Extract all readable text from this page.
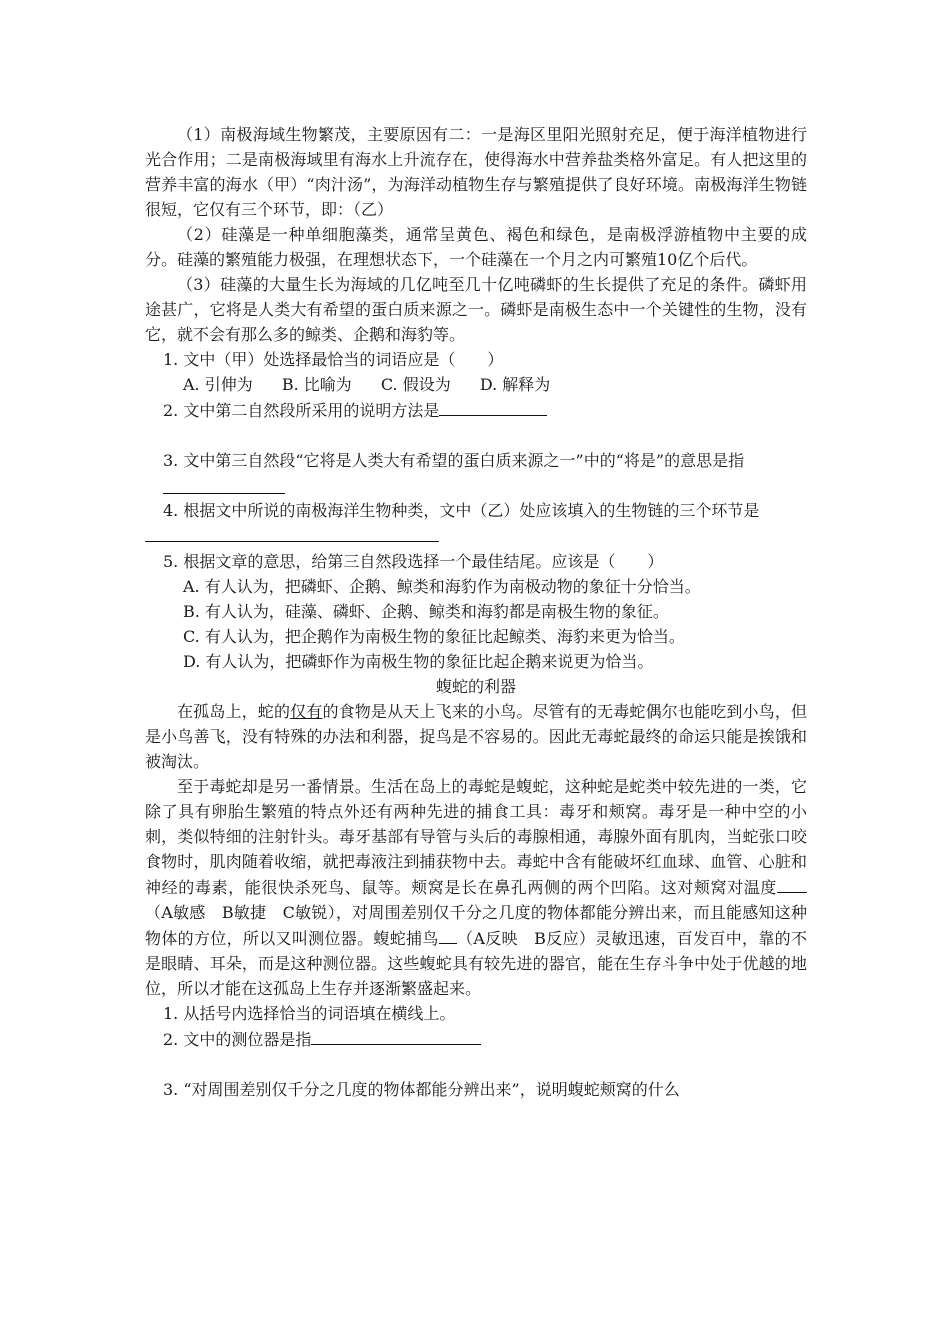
（1）南极海域生物繁茂，主要原因有二：一是海区里阳光照射充足，便于海洋植物进行光合作用；二是南极海域里有海水上升流存在，使得海水中营养盐类格外富足。有人把这里的营养丰富的海水（甲）“肉汁汤”，为海洋动植物生存与繁殖提供了良好环境。南极海洋生物链很短，它仅有三个环节，即：（乙）

（2）硅藻是一种单细胞藻类，通常呈黄色、褐色和绿色，是南极浮游植物中主要的成分。硅藻的繁殖能力极强，在理想状态下，一个硅藻在一个月之内可繁殖10亿个后代。

（3）硅藻的大量生长为海域的几亿吨至几十亿吨磷虾的生长提供了充足的条件。磷虾用途甚广，它将是人类大有希望的蛋白质来源之一。磷虾是南极生态中一个关键性的生物，没有它，就不会有那么多的鲸类、企鹅和海豹等。

1. 文中（甲）处选择最恰当的词语应是（　　）

A. 引伸为 B. 比喻为 C. 假设为 D. 解释为

2. 文中第二自然段所采用的说明方法是

3. 文中第三自然段“它将是人类大有希望的蛋白质来源之一”中的“将是”的意思是指

4. 根据文中所说的南极海洋生物种类，文中（乙）处应该填入的生物链的三个环节是

5. 根据文章的意思，给第三自然段选择一个最佳结尾。应该是（　　）

A. 有人认为，把磷虾、企鹅、鲸类和海豹作为南极动物的象征十分恰当。

B. 有人认为，硅藻、磷虾、企鹅、鲸类和海豹都是南极生物的象征。

C. 有人认为，把企鹅作为南极生物的象征比起鲸类、海豹来更为恰当。

D. 有人认为，把磷虾作为南极生物的象征比起企鹅来说更为恰当。

蝮蛇的利器

在孤岛上，蛇的仅有的食物是从天上飞来的小鸟。尽管有的无毒蛇偶尔也能吃到小鸟，但是小鸟善飞，没有特殊的办法和利器，捉鸟是不容易的。因此无毒蛇最终的命运只能是挨饿和被淘汰。

至于毒蛇却是另一番情景。生活在岛上的毒蛇是蝮蛇，这种蛇是蛇类中较先进的一类，它除了具有卵胎生繁殖的特点外还有两种先进的捕食工具：毒牙和颊窝。毒牙是一种中空的小刺，类似特细的注射针头。毒牙基部有导管与头后的毒腺相通，毒腺外面有肌肉，当蛇张口咬食物时，肌肉随着收缩，就把毒液注到捕获物中去。毒蛇中含有能破坏红血球、血管、心脏和神经的毒素，能很快杀死鸟、鼠等。颊窝是长在鼻孔两侧的两个凹陷。这对颊窝对温度（A敏感　B敏捷　C敏锐），对周围差别仅千分之几度的物体都能分辨出来，而且能感知这种物体的方位，所以又叫测位器。蝮蛇捕鸟 （A反映　B反应）灵敏迅速，百发百中，靠的不是眼睛、耳朵，而是这种测位器。这些蝮蛇具有较先进的器官，能在生存斗争中处于优越的地位，所以才能在这孤岛上生存并逐渐繁盛起来。

1. 从括号内选择恰当的词语填在横线上。

2. 文中的测位器是指

3. “对周围差别仅千分之几度的物体都能分辨出来”，说明蝮蛇颊窝的什么
